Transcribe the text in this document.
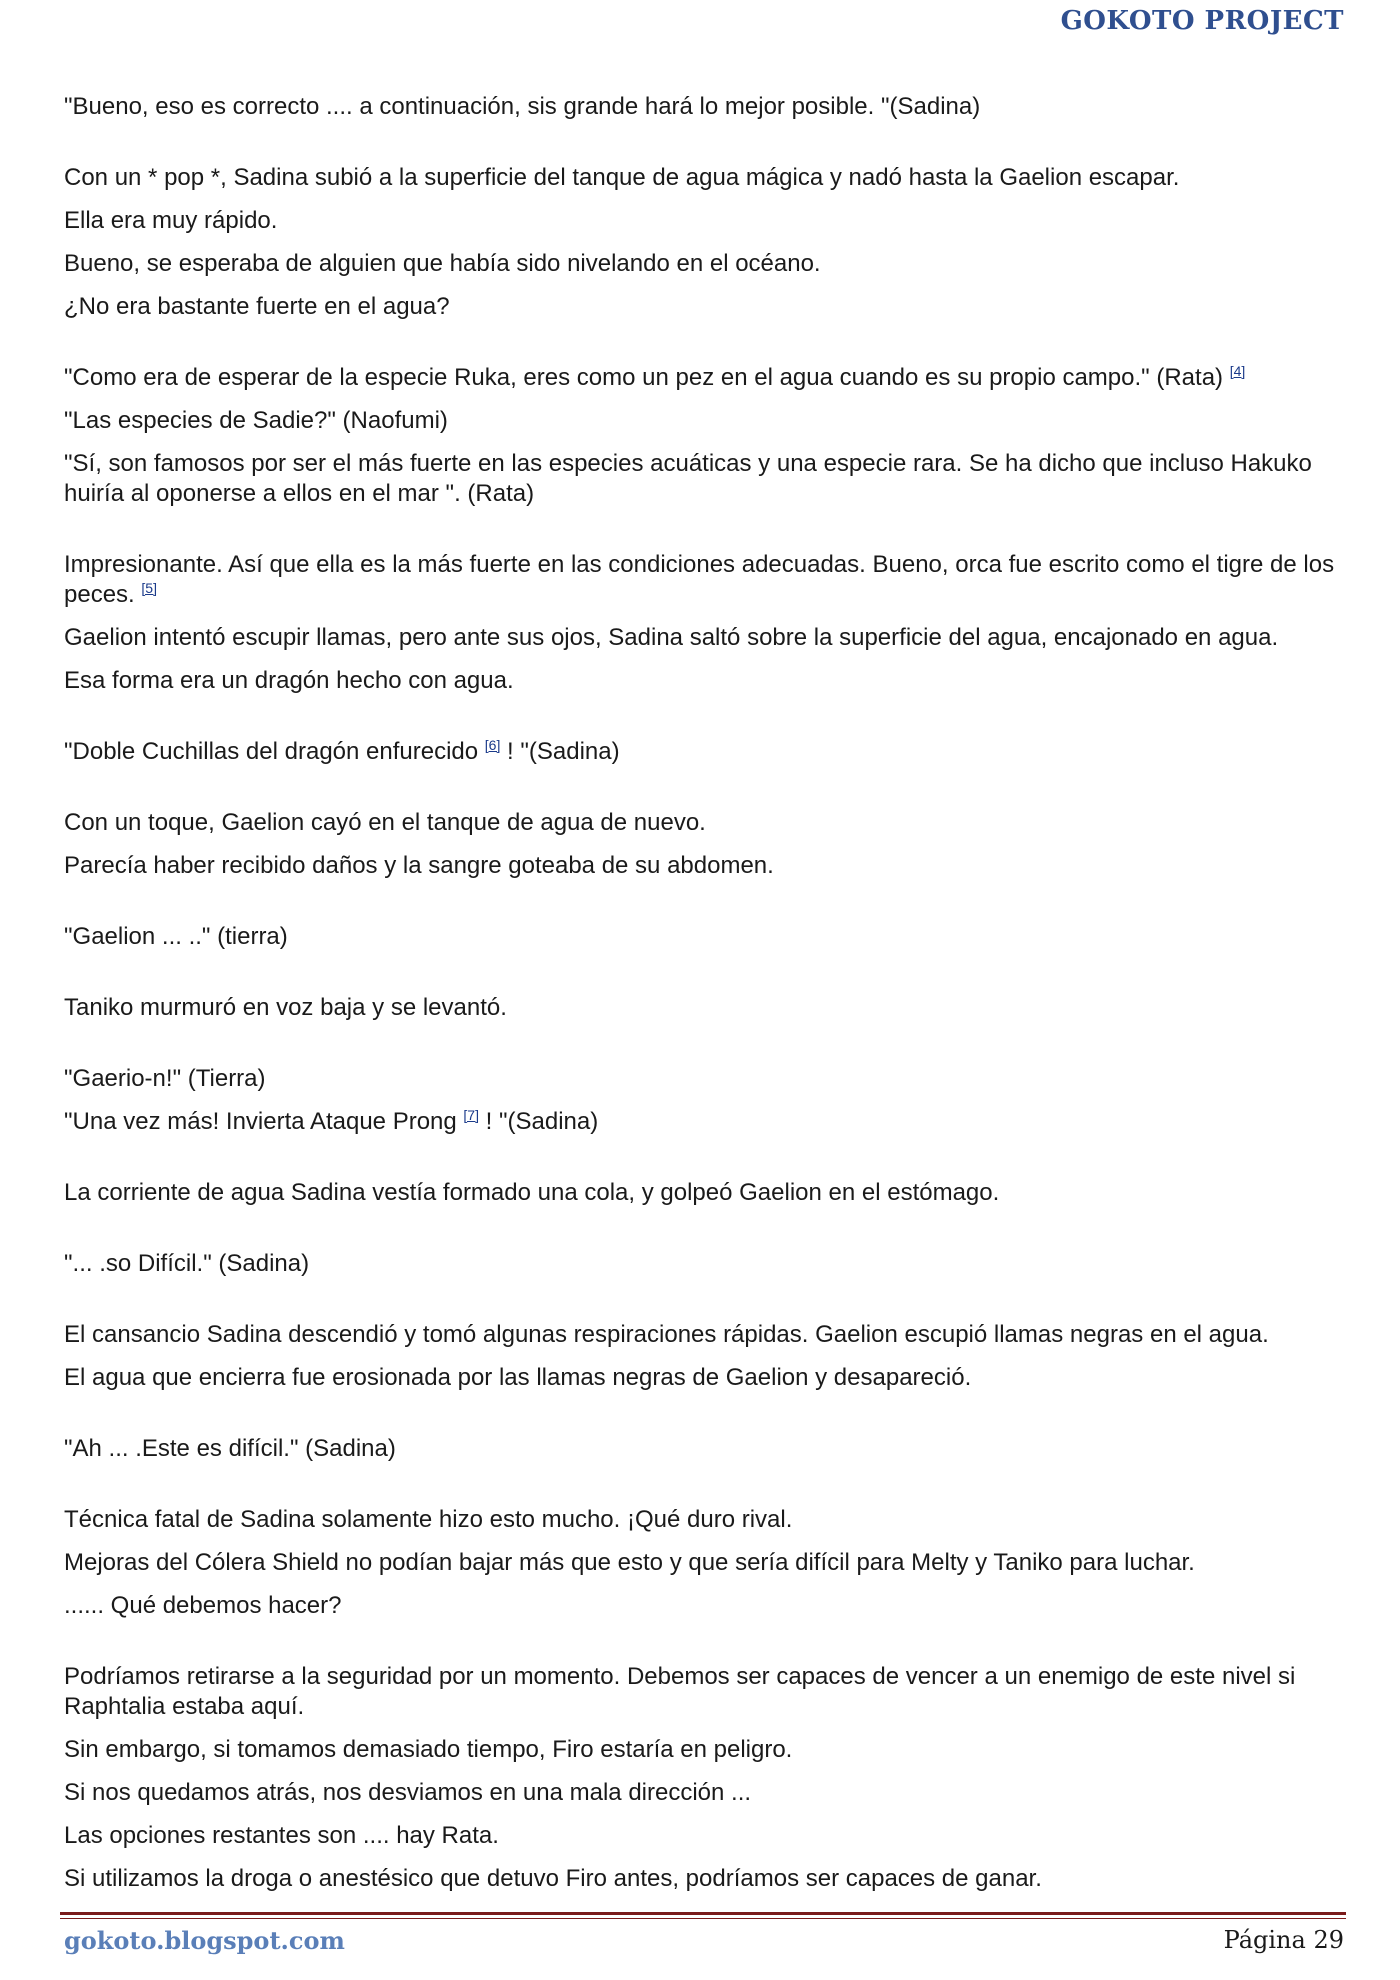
GOKOTO PROJECT

"Bueno, eso es correcto .... a continuación, sis grande hará lo mejor posible. "(Sadina)

Con un * pop *, Sadina subió a la superficie del tanque de agua mágica y nadó hasta la Gaelion escapar.

Ella era muy rápido.

Bueno, se esperaba de alguien que había sido nivelando en el océano.

¿No era bastante fuerte en el agua?

"Como era de esperar de la especie Ruka, eres como un pez en el agua cuando es su propio campo." (Rata) [4]

"Las especies de Sadie?" (Naofumi)

"Sí, son famosos por ser el más fuerte en las especies acuáticas y una especie rara. Se ha dicho que incluso Hakuko huiría al oponerse a ellos en el mar ". (Rata)

Impresionante. Así que ella es la más fuerte en las condiciones adecuadas. Bueno, orca fue escrito como el tigre de los peces. [5]

Gaelion intentó escupir llamas, pero ante sus ojos, Sadina saltó sobre la superficie del agua, encajonado en agua.

Esa forma era un dragón hecho con agua.

"Doble Cuchillas del dragón enfurecido [6] ! "(Sadina)

Con un toque, Gaelion cayó en el tanque de agua de nuevo.

Parecía haber recibido daños y la sangre goteaba de su abdomen.

"Gaelion ... .." (tierra)

Taniko murmuró en voz baja y se levantó.

"Gaerio-n!" (Tierra)

"Una vez más! Invierta Ataque Prong [7] ! "(Sadina)

La corriente de agua Sadina vestía formado una cola, y golpeó Gaelion en el estómago.

"... .so Difícil." (Sadina)

El cansancio Sadina descendió y tomó algunas respiraciones rápidas. Gaelion escupió llamas negras en el agua.

El agua que encierra fue erosionada por las llamas negras de Gaelion y desapareció.

"Ah ... .Este es difícil." (Sadina)

Técnica fatal de Sadina solamente hizo esto mucho. ¡Qué duro rival.

Mejoras del Cólera Shield no podían bajar más que esto y que sería difícil para Melty y Taniko para luchar.

...... Qué debemos hacer?

Podríamos retirarse a la seguridad por un momento. Debemos ser capaces de vencer a un enemigo de este nivel si Raphtalia estaba aquí.

Sin embargo, si tomamos demasiado tiempo, Firo estaría en peligro.

Si nos quedamos atrás, nos desviamos en una mala dirección ...

Las opciones restantes son .... hay Rata.

Si utilizamos la droga o anestésico que detuvo Firo antes, podríamos ser capaces de ganar.

gokoto.blogspot.com	Página 29
